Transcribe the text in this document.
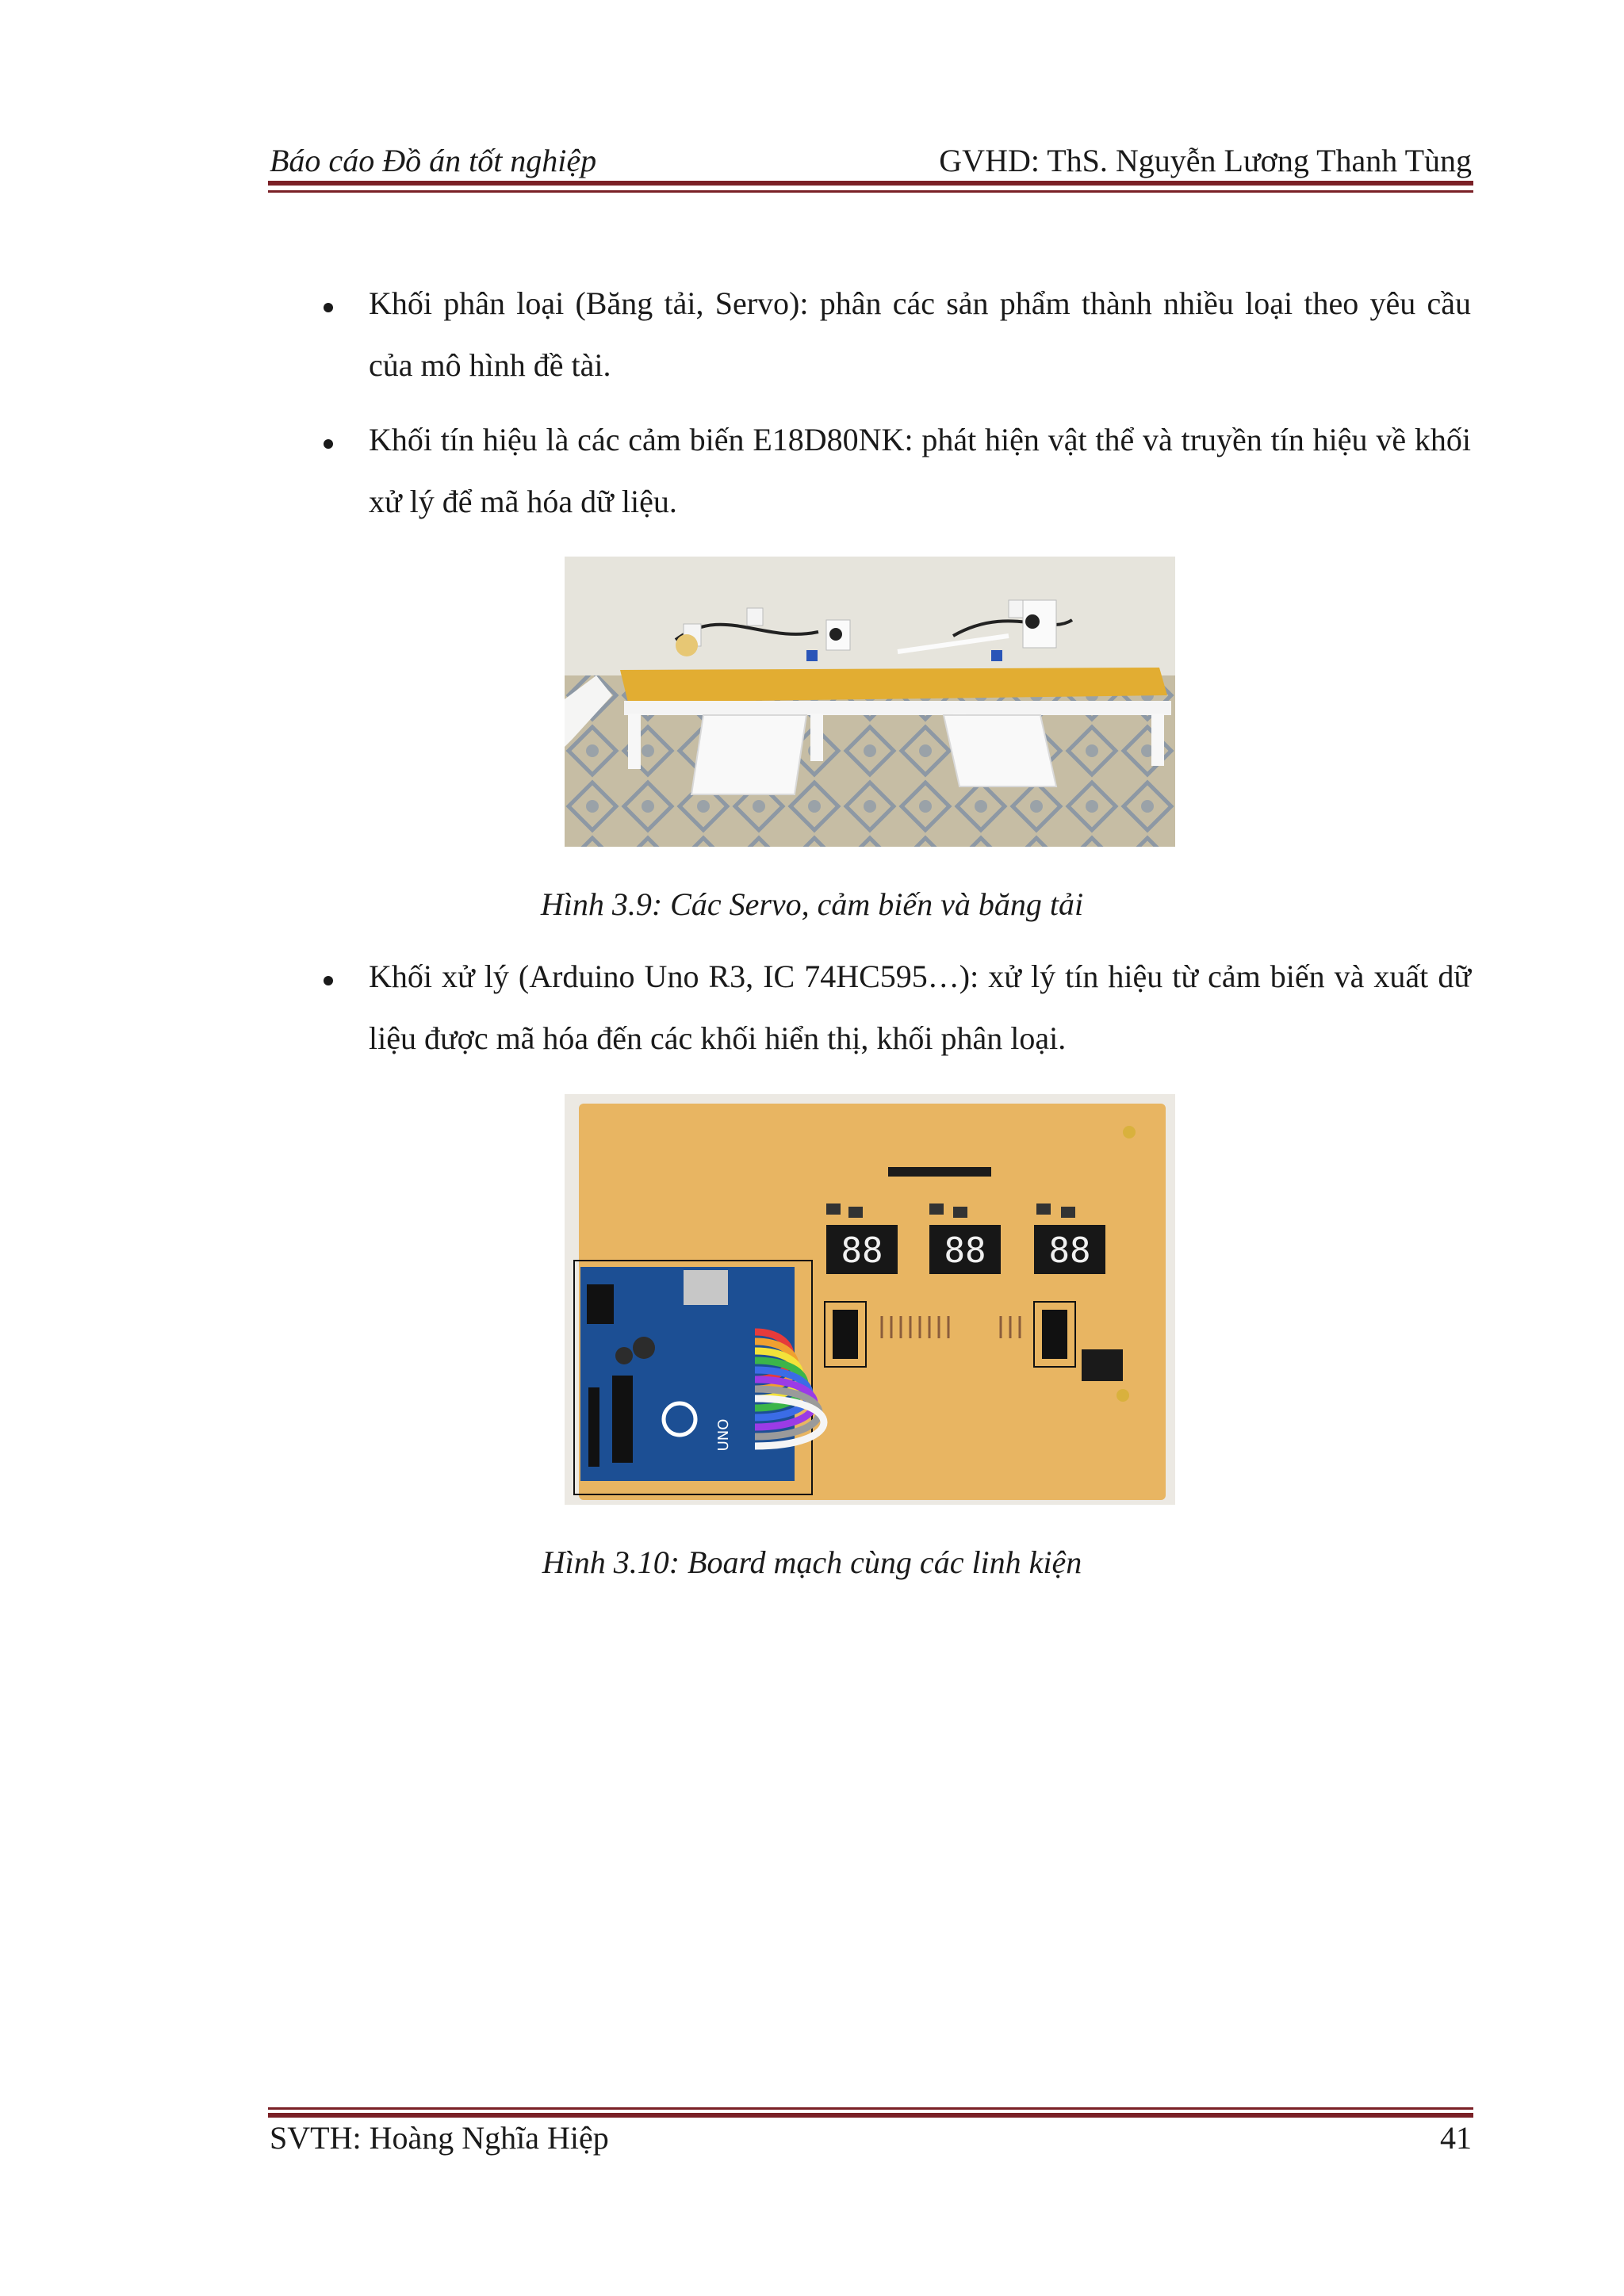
Báo cáo Đồ án tốt nghiệp	GVHD: ThS. Nguyễn Lương Thanh Tùng

Khối phân loại (Băng tải, Servo): phân các sản phẩm thành nhiều loại theo yêu cầu của mô hình đề tài.

Khối tín hiệu là các cảm biến E18D80NK: phát hiện vật thể và truyền tín hiệu về khối xử lý để mã hóa dữ liệu.

Hình 3.9: Các Servo, cảm biến và băng tải

Khối xử lý (Arduino Uno R3, IC 74HC595…): xử lý tín hiệu từ cảm biến và xuất dữ liệu được mã hóa đến các khối hiển thị, khối phân loại.

88 88 88
UNO
Hình 3.10: Board mạch cùng các linh kiện
SVTH: Hoàng Nghĩa Hiệp	41
